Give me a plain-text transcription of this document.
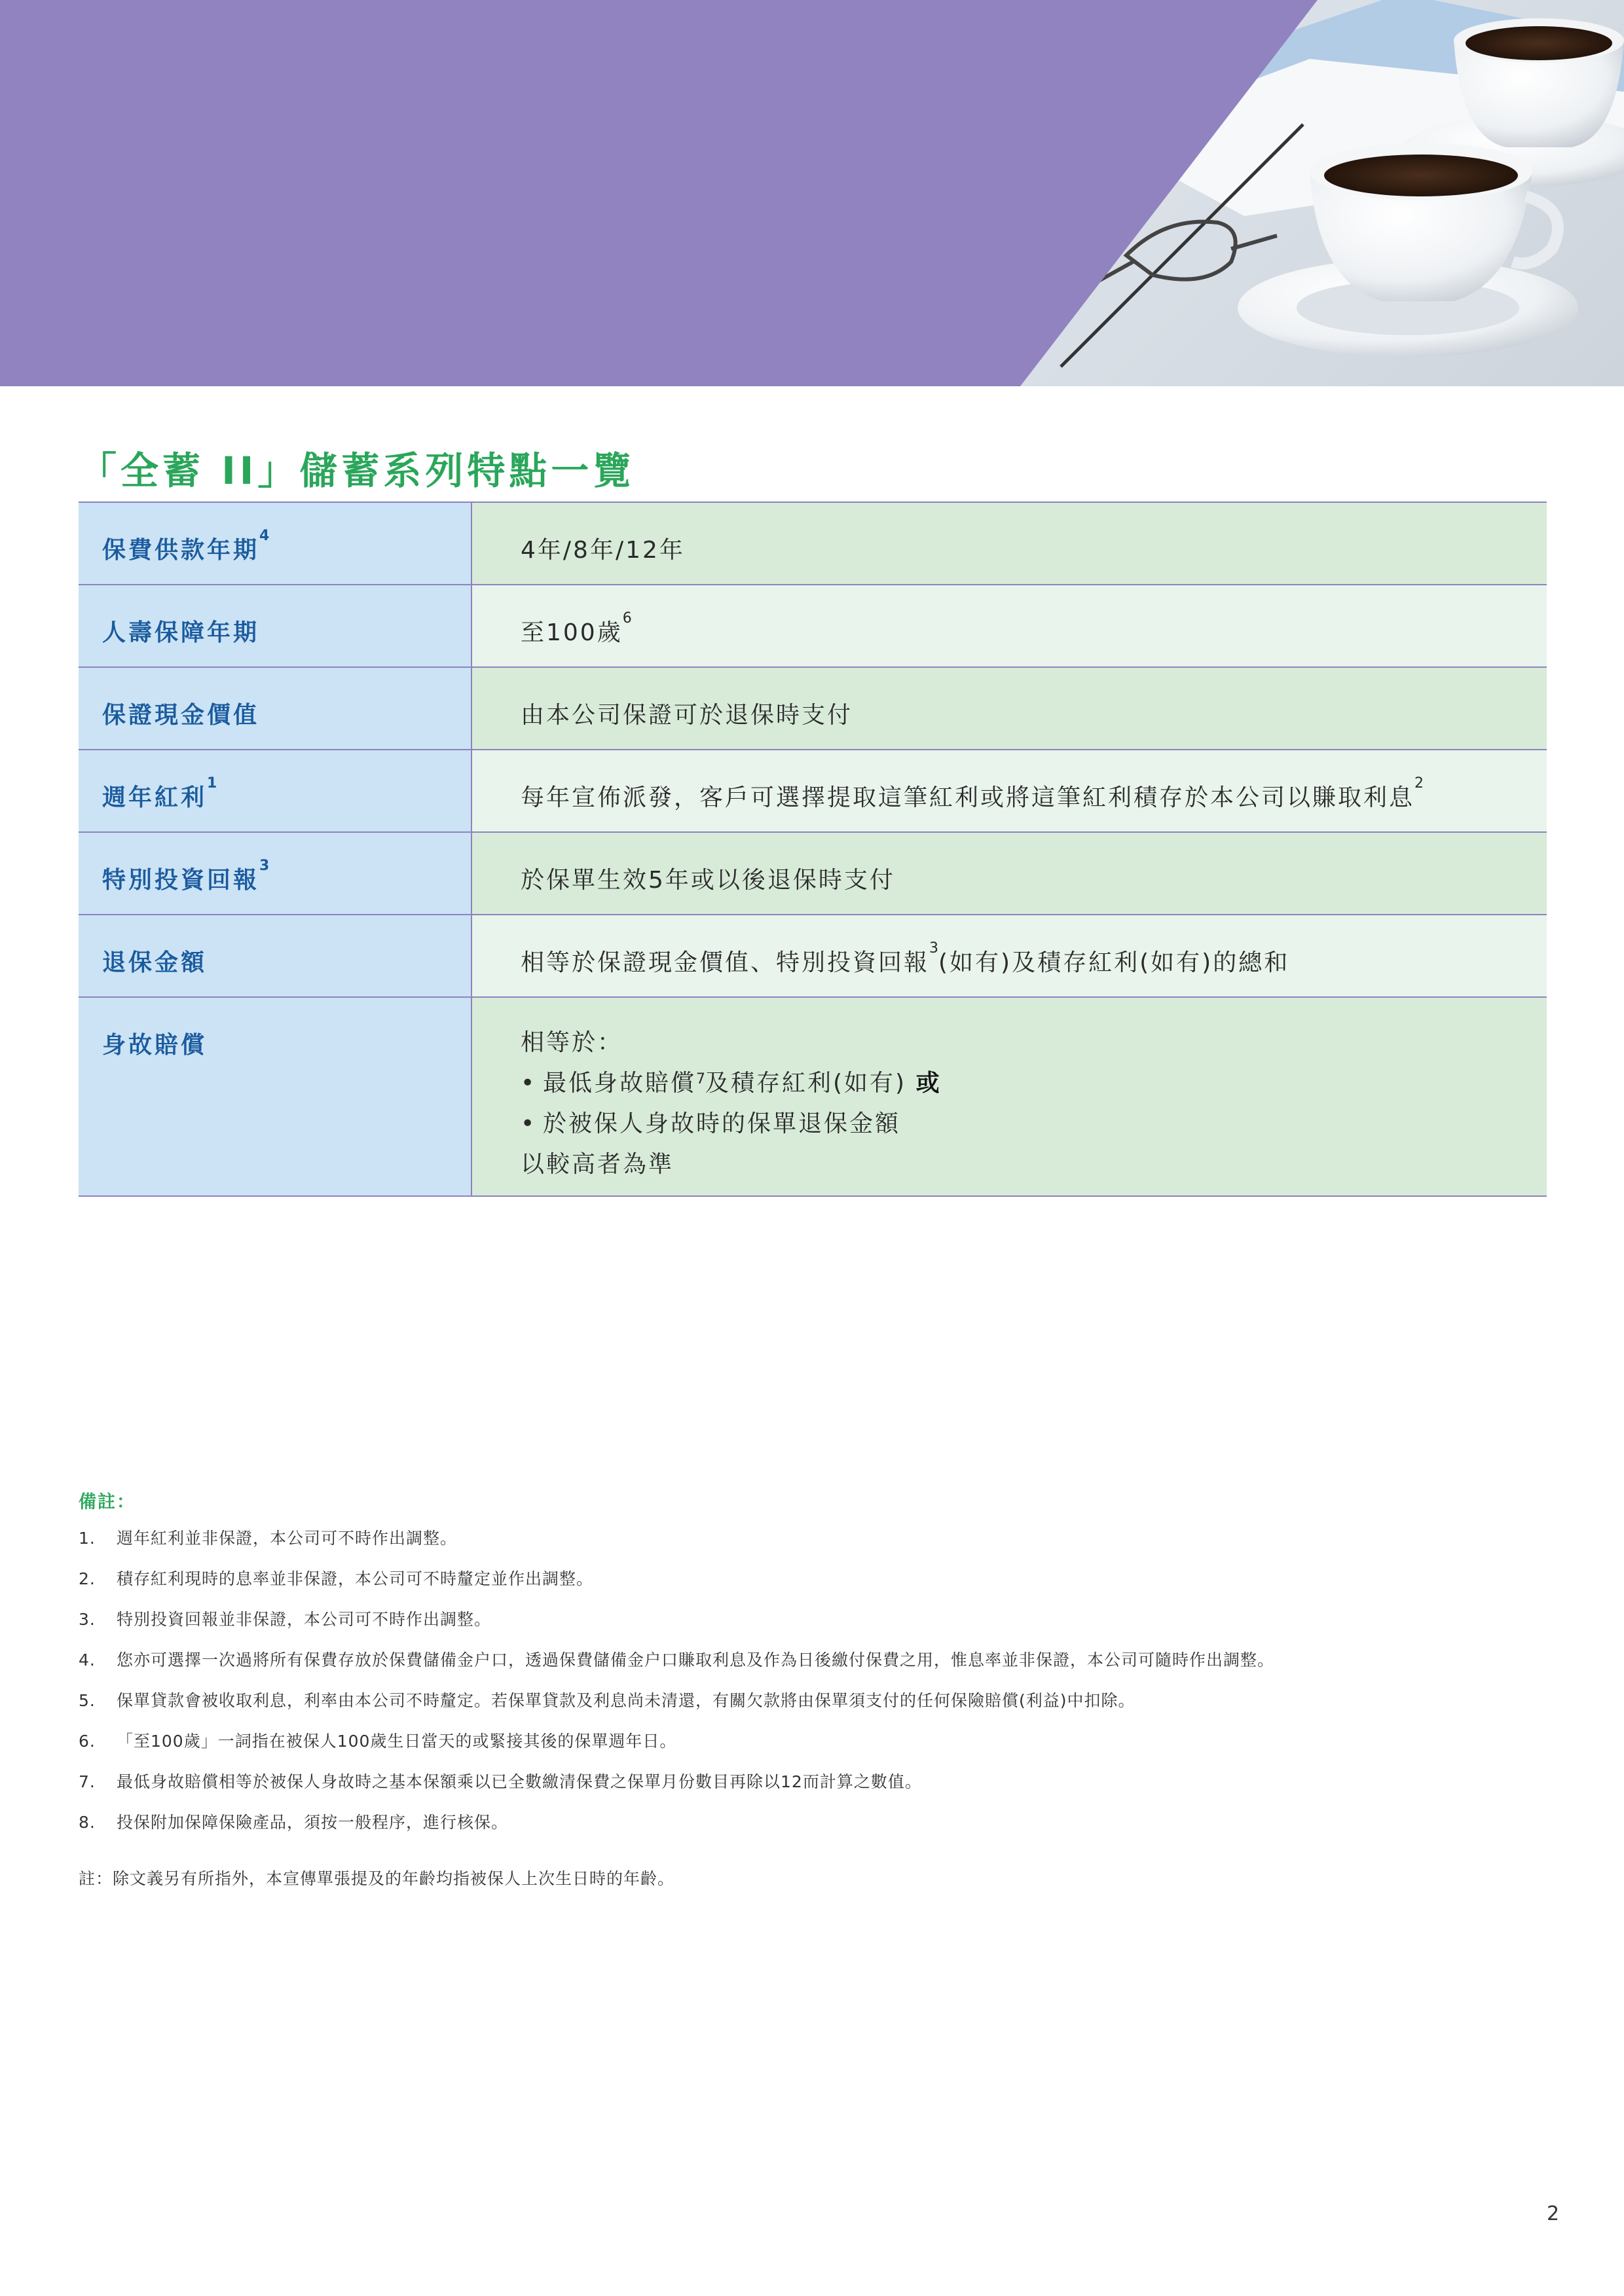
「全蓄 II」儲蓄系列特點一覽
保費供款年期$^4$	4年/8年/12年

人壽保障年期	至100歲$^6$

保證現金價值	由本公司保證可於退保時支付

週年紅利$^1$	每年宣佈派發，客戶可選擇提取這筆紅利或將這筆紅利積存於本公司以賺取利息$^2$

特別投資回報$^3$	於保單生效5年或以後退保時支付

退保金額	相等於保證現金價值、特別投資回報$^3$(如有)及積存紅利(如有)的總和

身故賠償	相等於：
• 最低身故賠償$^7$及積存紅利(如有) 或
• 於被保人身故時的保單退保金額
以較高者為準
備註：
1. 週年紅利並非保證，本公司可不時作出調整。
2. 積存紅利現時的息率並非保證，本公司可不時釐定並作出調整。
3. 特別投資回報並非保證，本公司可不時作出調整。
4. 您亦可選擇一次過將所有保費存放於保費儲備金户口，透過保費儲備金户口賺取利息及作為日後繳付保費之用，惟息率並非保證，本公司可隨時作出調整。
5. 保單貸款會被收取利息，利率由本公司不時釐定。若保單貸款及利息尚未清還，有關欠款將由保單須支付的任何保險賠償(利益)中扣除。
6. 「至100歲」一詞指在被保人100歲生日當天的或緊接其後的保單週年日。
7. 最低身故賠償相等於被保人身故時之基本保額乘以已全數繳清保費之保單月份數目再除以12而計算之數值。
8. 投保附加保障保險產品，須按一般程序，進行核保。

註：除文義另有所指外，本宣傳單張提及的年齡均指被保人上次生日時的年齡。

2
